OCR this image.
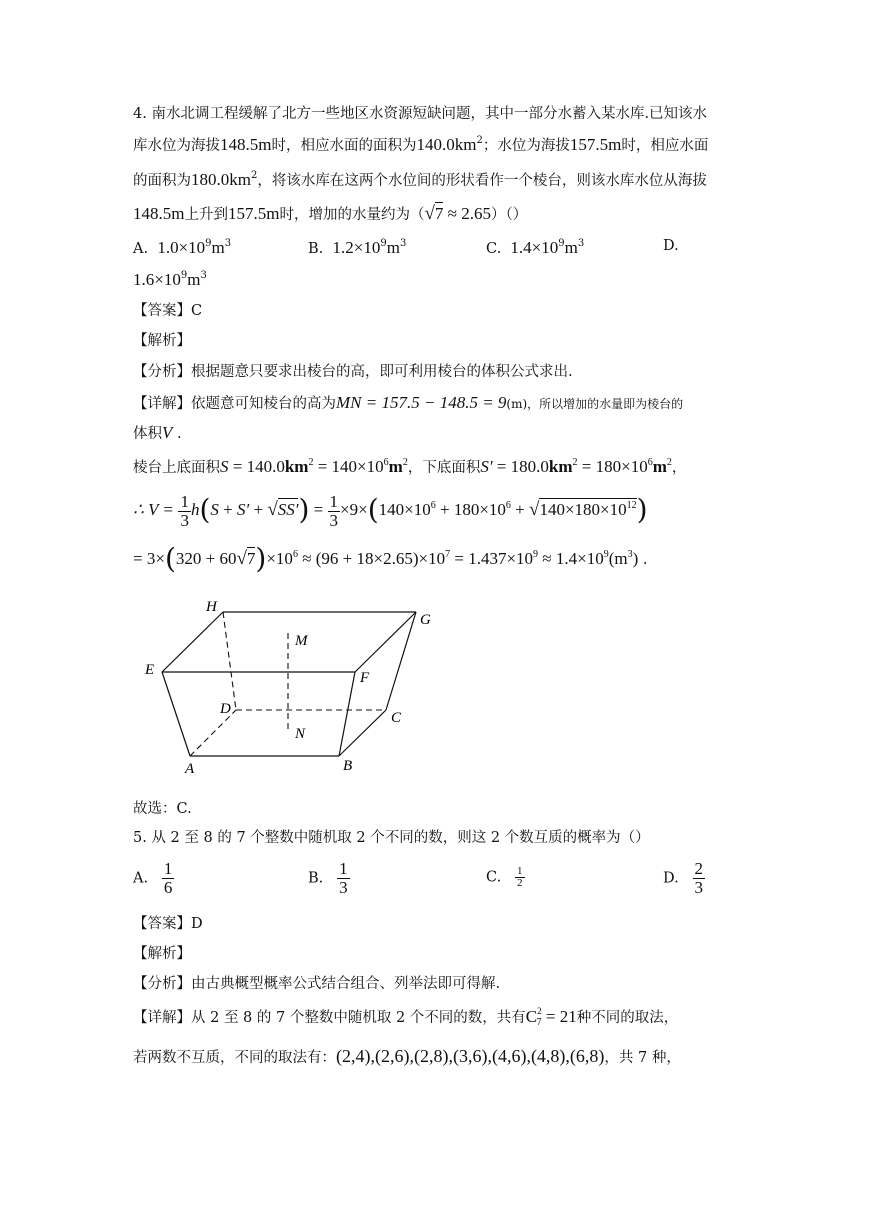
4. 南水北调工程缓解了北方一些地区水资源短缺问题，其中一部分水蓄入某水库.已知该水
库水位为海拔148.5m时，相应水面的面积为$140.0km^2$；水位为海拔157.5m时，相应水面
的面积为$180.0km^2$，将该水库在这两个水位间的形状看作一个棱台，则该水库水位从海拔
148.5m上升到157.5m时，增加的水量约为（√7 ≈ 2.65）（）
A. $1.0\times 10^9m^3$	B. $1.2\times 10^9m^3$	C. $1.4\times 10^9m^3$	D.
$1.6\times 10^9m^3$
【答案】C
【解析】
【分析】根据题意只要求出棱台的高，即可利用棱台的体积公式求出.
【详解】依题意可知棱台的高为MN = 157.5 − 148.5 = 9(m)，所以增加的水量即为棱台的
体积V .
棱台上底面积$S = 140.0km^2 = 140\times 10^6m^2$，下底面积$S' = 180.0km^2 = 180\times 10^6m^2$，
∴ $V = \frac{1}{3} h(S + S' + √SS') = \frac{1}{3} \times 9\times(140\times 10^6 + 180\times 10^6 + √140\times 180\times 10^{12})$
= $3\times(320 + 60√7)\times 10^6 \approx (96 + 18\times 2.65)\times 10^7 = 1.437\times 10^9 \approx 1.4\times 10^9(m^3)$ .
H
G
M
E	F
D
C
N
A	B
故选：C.
5. 从 2 至 8 的 7 个整数中随机取 2 个不同的数，则这 2 个数互质的概率为（）
A. $\frac{1}{6}$	B. $\frac{1}{3}$	C. $\frac{1}{2}$	D. $\frac{2}{3}$
【答案】D
【解析】
【分析】由古典概型概率公式结合组合、列举法即可得解.
【详解】从 2 至 8 的 7 个整数中随机取 2 个不同的数，共有$C^2_7 = 21$种不同的取法，
若两数不互质，不同的取法有：(2,4),(2,6),(2,8),(3,6),(4,6),(4,8),(6,8)，共 7 种，
